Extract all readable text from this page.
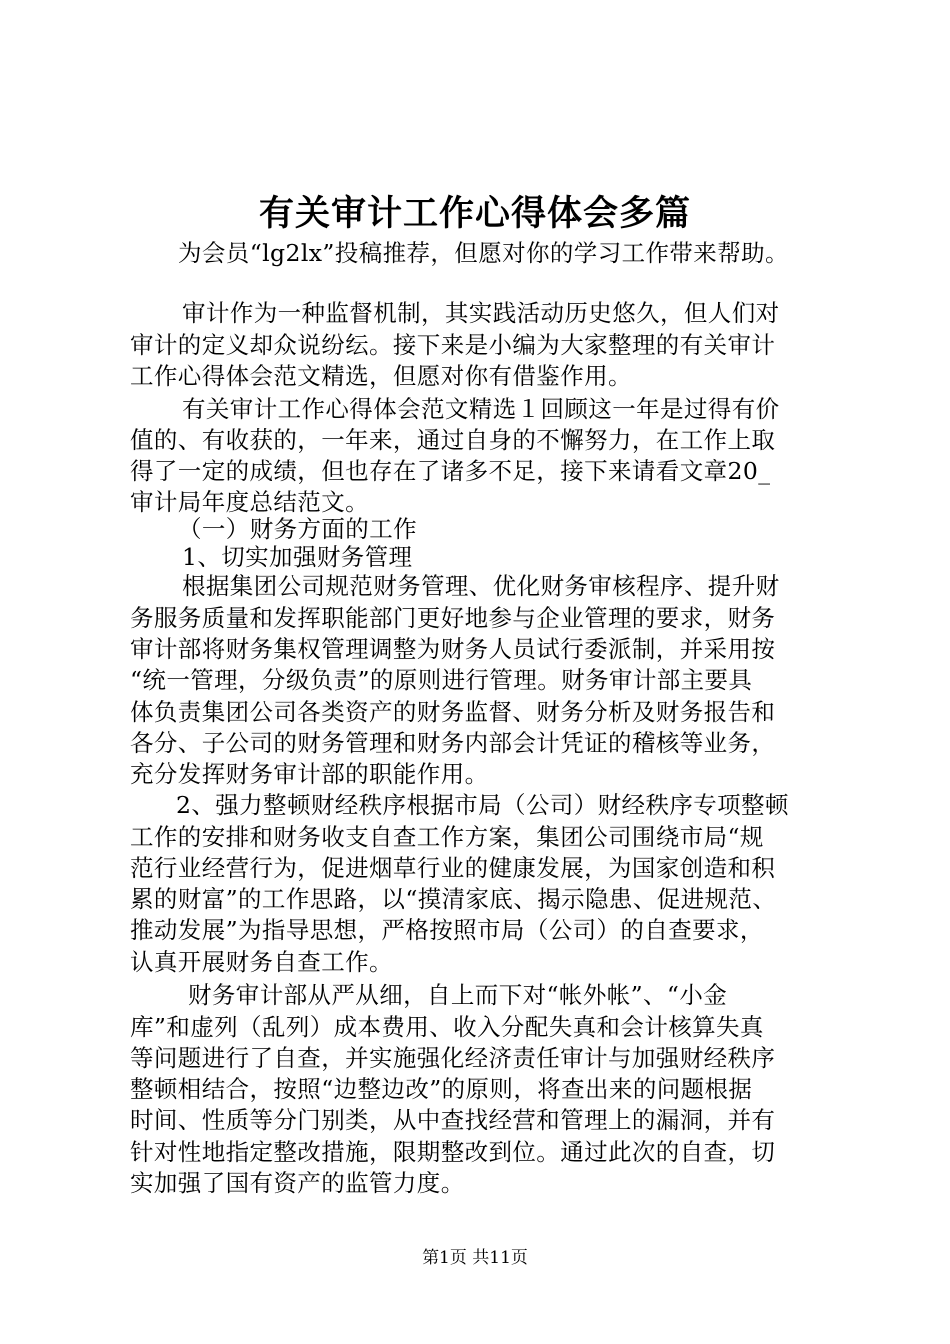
有关审计工作心得体会多篇
为会员“lg2lx”投稿推荐，但愿对你的学习工作带来帮助。
审计作为一种监督机制，其实践活动历史悠久，但人们对
审计的定义却众说纷纭。接下来是小编为大家整理的有关审计
工作心得体会范文精选，但愿对你有借鉴作用。
有关审计工作心得体会范文精选１回顾这一年是过得有价
值的、有收获的，一年来，通过自身的不懈努力，在工作上取
得了一定的成绩，但也存在了诸多不足，接下来请看文章20_
审计局年度总结范文。
（一）财务方面的工作
1、切实加强财务管理
根据集团公司规范财务管理、优化财务审核程序、提升财
务服务质量和发挥职能部门更好地参与企业管理的要求，财务
审计部将财务集权管理调整为财务人员试行委派制，并采用按
“统一管理，分级负责”的原则进行管理。财务审计部主要具
体负责集团公司各类资产的财务监督、财务分析及财务报告和
各分、子公司的财务管理和财务内部会计凭证的稽核等业务，
充分发挥财务审计部的职能作用。
2、强力整顿财经秩序根据市局（公司）财经秩序专项整顿
工作的安排和财务收支自查工作方案，集团公司围绕市局“规
范行业经营行为，促进烟草行业的健康发展，为国家创造和积
累的财富”的工作思路，以“摸清家底、揭示隐患、促进规范、
推动发展”为指导思想，严格按照市局（公司）的自查要求，
认真开展财务自查工作。
财务审计部从严从细，自上而下对“帐外帐”、“小金
库”和虚列（乱列）成本费用、收入分配失真和会计核算失真
等问题进行了自查，并实施强化经济责任审计与加强财经秩序
整顿相结合，按照“边整边改”的原则，将查出来的问题根据
时间、性质等分门别类，从中查找经营和管理上的漏洞，并有
针对性地指定整改措施，限期整改到位。通过此次的自查，切
实加强了国有资产的监管力度。
第1页 共11页
